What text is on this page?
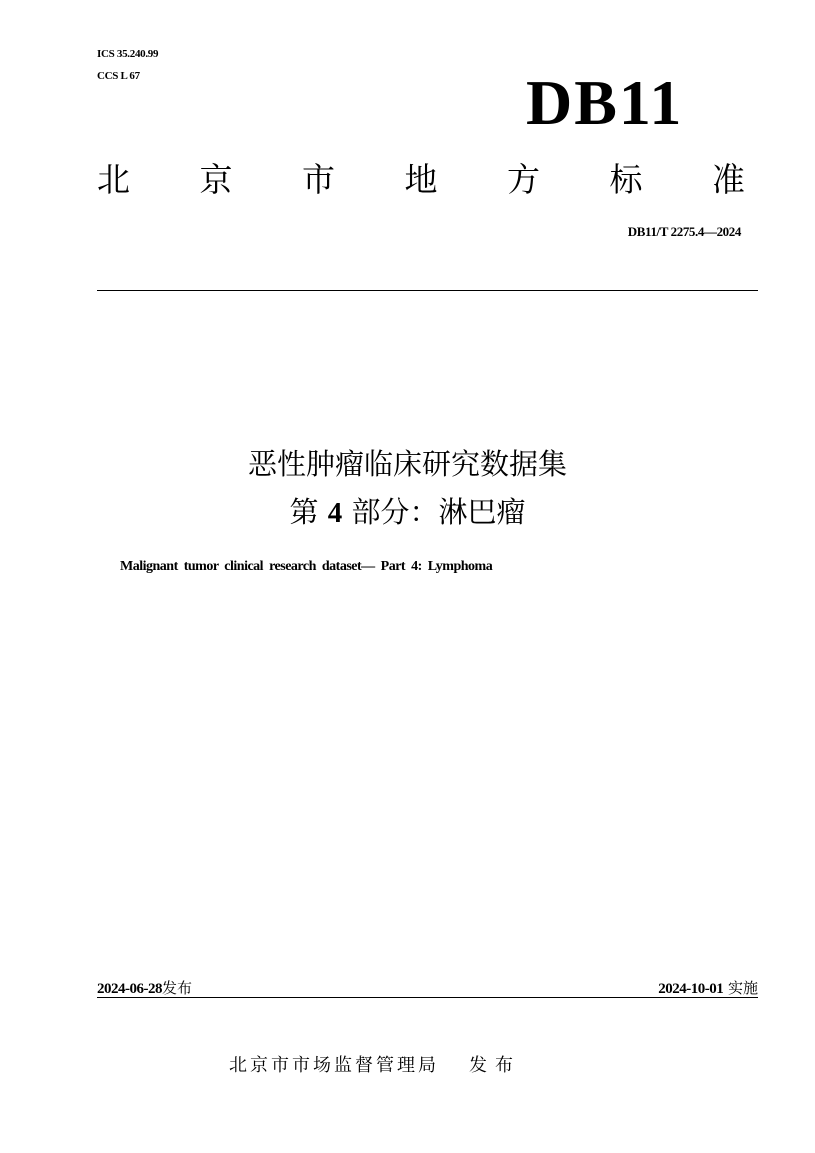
ICS 35.240.99
CCS L 67	DB11
北 京 市 地 方 标 准
DB11/T 2275.4—2024
恶性肿瘤临床研究数据集
第 4 部分：淋巴瘤
Malignant tumor clinical research dataset— Part 4: Lymphoma
2024-06-28发布	2024-10-01 实施
北京市市场监督管理局 发布
